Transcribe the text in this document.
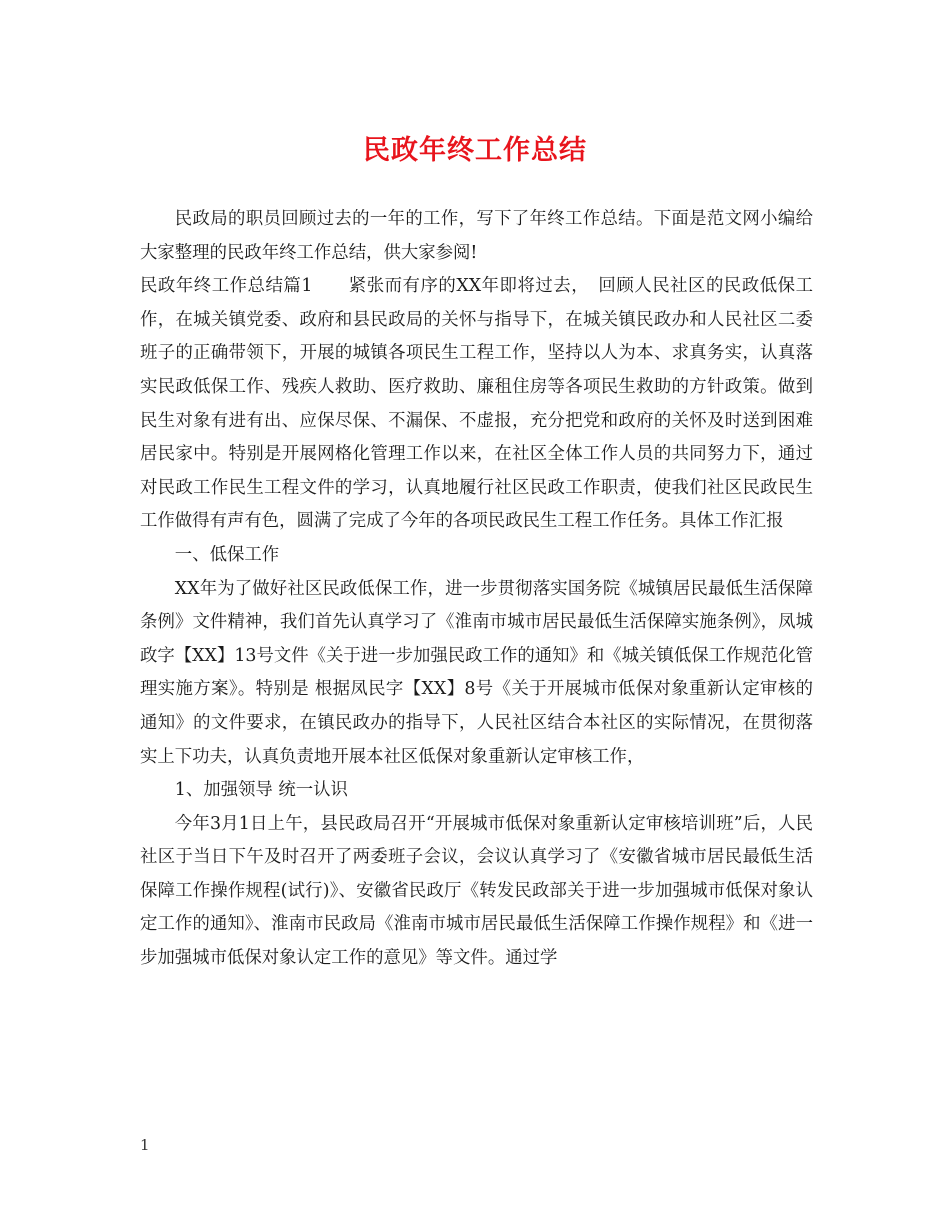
民政年终工作总结

民政局的职员回顾过去的一年的工作，写下了年终工作总结。下面是范文网小编给大家整理的民政年终工作总结，供大家参阅!

民政年终工作总结篇1　　紧张而有序的XX年即将过去，　回顾人民社区的民政低保工作，在城关镇党委、政府和县民政局的关怀与指导下，在城关镇民政办和人民社区二委班子的正确带领下，开展的城镇各项民生工程工作，坚持以人为本、求真务实，认真落实民政低保工作、残疾人救助、医疗救助、廉租住房等各项民生救助的方针政策。做到民生对象有进有出、应保尽保、不漏保、不虚报，充分把党和政府的关怀及时送到困难居民家中。特别是开展网格化管理工作以来，在社区全体工作人员的共同努力下，通过对民政工作民生工程文件的学习，认真地履行社区民政工作职责，使我们社区民政民生工作做得有声有色，圆满了完成了今年的各项民政民生工程工作任务。具体工作汇报

一、低保工作

XX年为了做好社区民政低保工作，进一步贯彻落实国务院《城镇居民最低生活保障条例》文件精神，我们首先认真学习了《淮南市城市居民最低生活保障实施条例》，凤城政字【XX】13号文件《关于进一步加强民政工作的通知》和《城关镇低保工作规范化管理实施方案》。特别是 根据凤民字【XX】8号《关于开展城市低保对象重新认定审核的通知》的文件要求，在镇民政办的指导下，人民社区结合本社区的实际情况，在贯彻落实上下功夫，认真负责地开展本社区低保对象重新认定审核工作，

1、加强领导 统一认识

今年3月1日上午，县民政局召开“开展城市低保对象重新认定审核培训班”后，人民社区于当日下午及时召开了两委班子会议，会议认真学习了《安徽省城市居民最低生活保障工作操作规程(试行)》、安徽省民政厅《转发民政部关于进一步加强城市低保对象认定工作的通知》、淮南市民政局《淮南市城市居民最低生活保障工作操作规程》和《进一步加强城市低保对象认定工作的意见》等文件。通过学

1
